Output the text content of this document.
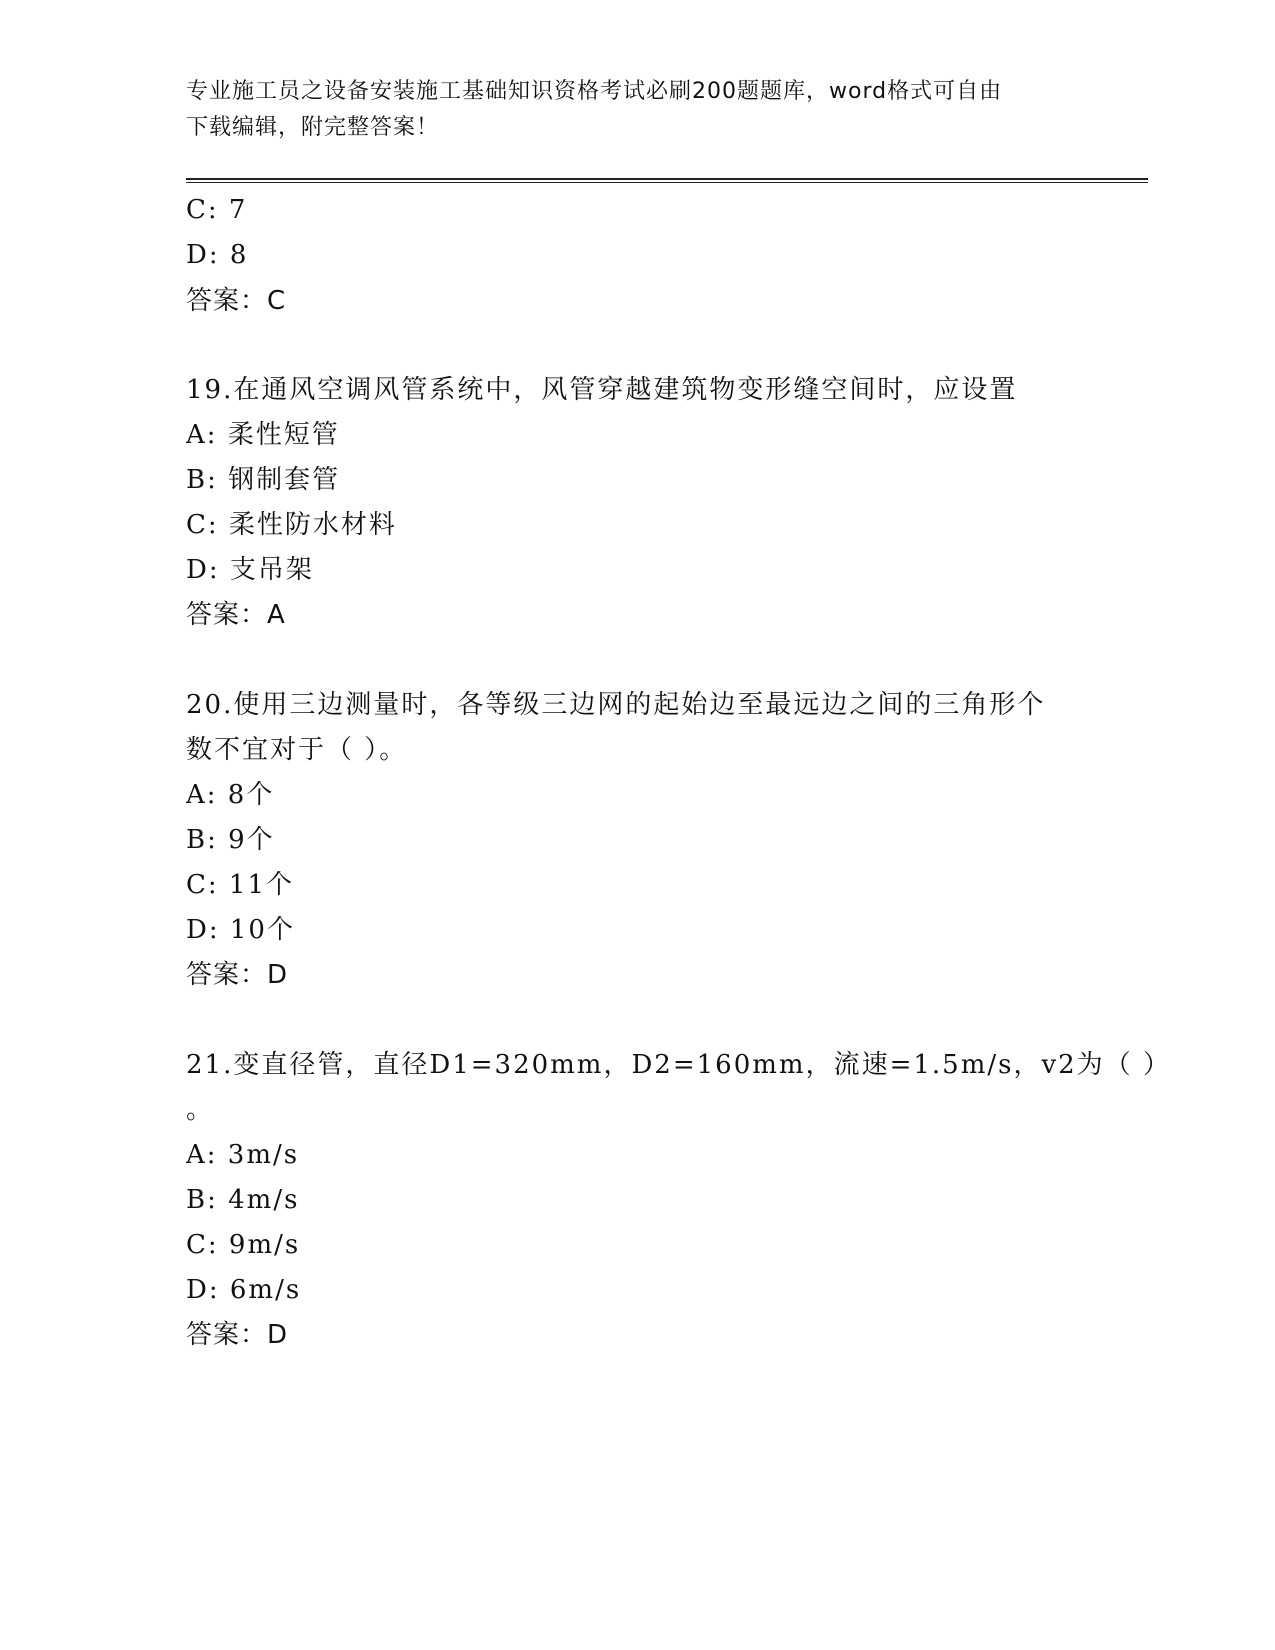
专业施工员之设备安装施工基础知识资格考试必刷200题题库，word格式可自由
下载编辑，附完整答案！
C: 7
D: 8
答案：C
19.在通风空调风管系统中，风管穿越建筑物变形缝空间时，应设置
A: 柔性短管
B: 钢制套管
C: 柔性防水材料
D: 支吊架
答案：A
20.使用三边测量时，各等级三边网的起始边至最远边之间的三角形个
数不宜对于（ ）。
A: 8个
B: 9个
C: 11个
D: 10个
答案：D
21.变直径管，直径D1=320mm，D2=160mm，流速=1.5m/s，v2为（ ）
。
A: 3m/s
B: 4m/s
C: 9m/s
D: 6m/s
答案：D
